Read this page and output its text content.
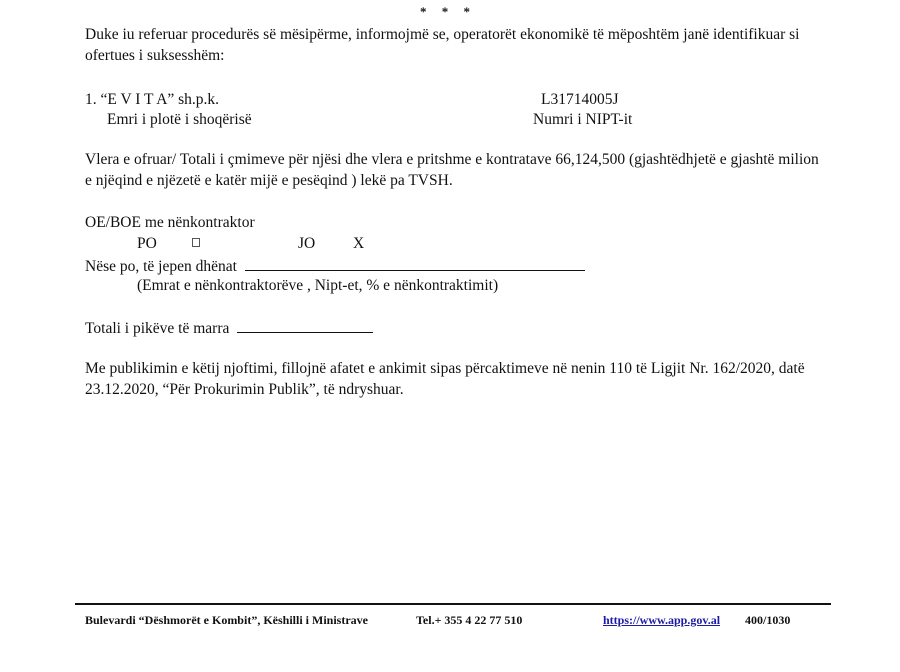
* * *
Duke iu referuar procedurës së mësipërme, informojmë se, operatorët ekonomikë të mëposhtëm janë identifikuar si ofertues i suksesshëm:
1. “E V I T A” sh.p.k.	L31714005J
Emri i plotë i shoqërisë	Numri i NIPT-it
Vlera e ofruar/ Totali i çmimeve për njësi dhe vlera e pritshme e kontratave 66,124,500 (gjashtëdhjetë e gjashtë milion e njëqind e njëzetë e katër mijë e pesëqind ) lekë pa TVSH.
OE/BOE me nënkontraktor
PO	JO X
Nëse po, të jepen dhënat
(Emrat e nënkontraktorëve , Nipt-et, % e nënkontraktimit)
Totali i pikëve të marra
Me publikimin e këtij njoftimi, fillojnë afatet e ankimit sipas përcaktimeve në nenin 110 të Ligjit Nr. 162/2020, datë 23.12.2020, “Për Prokurimin Publik”, të ndryshuar.
Bulevardi “Dëshmorët e Kombit”, Këshilli i Ministrave	Tel.+ 355 4 22 77 510	https://www.app.gov.al 400/1030
